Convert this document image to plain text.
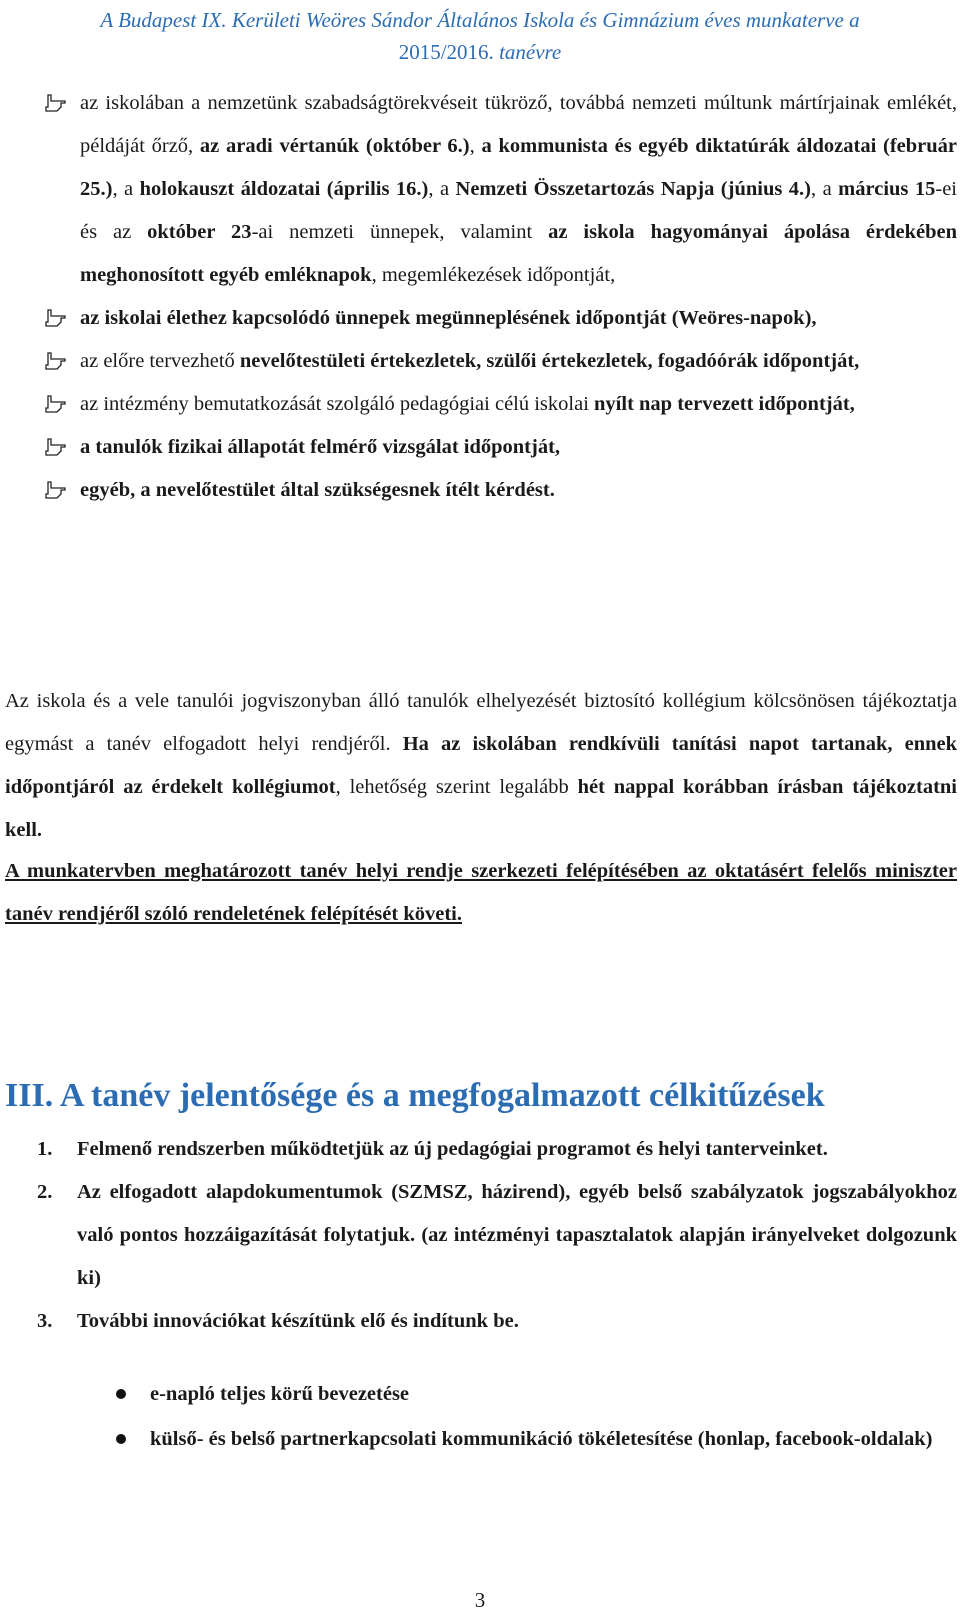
A Budapest IX. Kerületi Weöres Sándor Általános Iskola és Gimnázium éves munkaterve a
2015/2016. tanévre

az iskolában a nemzetünk szabadságtörekvéseit tükröző, továbbá nemzeti múltunk mártírjainak emlékét, példáját őrző, az aradi vértanúk (október 6.), a kommunista és egyéb diktatúrák áldozatai (február 25.), a holokauszt áldozatai (április 16.), a Nemzeti Összetartozás Napja (június 4.), a március 15-ei és az október 23-ai nemzeti ünnepek, valamint az iskola hagyományai ápolása érdekében meghonosított egyéb emléknapok, megemlékezések időpontját,

az iskolai élethez kapcsolódó ünnepek megünneplésének időpontját (Weöres-napok),

az előre tervezhető nevelőtestületi értekezletek, szülői értekezletek, fogadóórák időpontját,

az intézmény bemutatkozását szolgáló pedagógiai célú iskolai nyílt nap tervezett időpontját,

a tanulók fizikai állapotát felmérő vizsgálat időpontját,

egyéb, a nevelőtestület által szükségesnek ítélt kérdést.

Az iskola és a vele tanulói jogviszonyban álló tanulók elhelyezését biztosító kollégium kölcsönösen tájékoztatja egymást a tanév elfogadott helyi rendjéről. Ha az iskolában rendkívüli tanítási napot tartanak, ennek időpontjáról az érdekelt kollégiumot, lehetőség szerint legalább hét nappal korábban írásban tájékoztatni kell.

A munkatervben meghatározott tanév helyi rendje szerkezeti felépítésében az oktatásért felelős miniszter tanév rendjéről szóló rendeletének felépítését követi.

III. A tanév jelentősége és a megfogalmazott célkitűzések

1. Felmenő rendszerben működtetjük az új pedagógiai programot és helyi tanterveinket.

2. Az elfogadott alapdokumentumok (SZMSZ, házirend), egyéb belső szabályzatok jogszabályokhoz való pontos hozzáigazítását folytatjuk. (az intézményi tapasztalatok alapján irányelveket dolgozunk ki)

3. További innovációkat készítünk elő és indítunk be.

e-napló teljes körű bevezetése

külső- és belső partnerkapcsolati kommunikáció tökéletesítése (honlap, facebook-oldalak)

3
